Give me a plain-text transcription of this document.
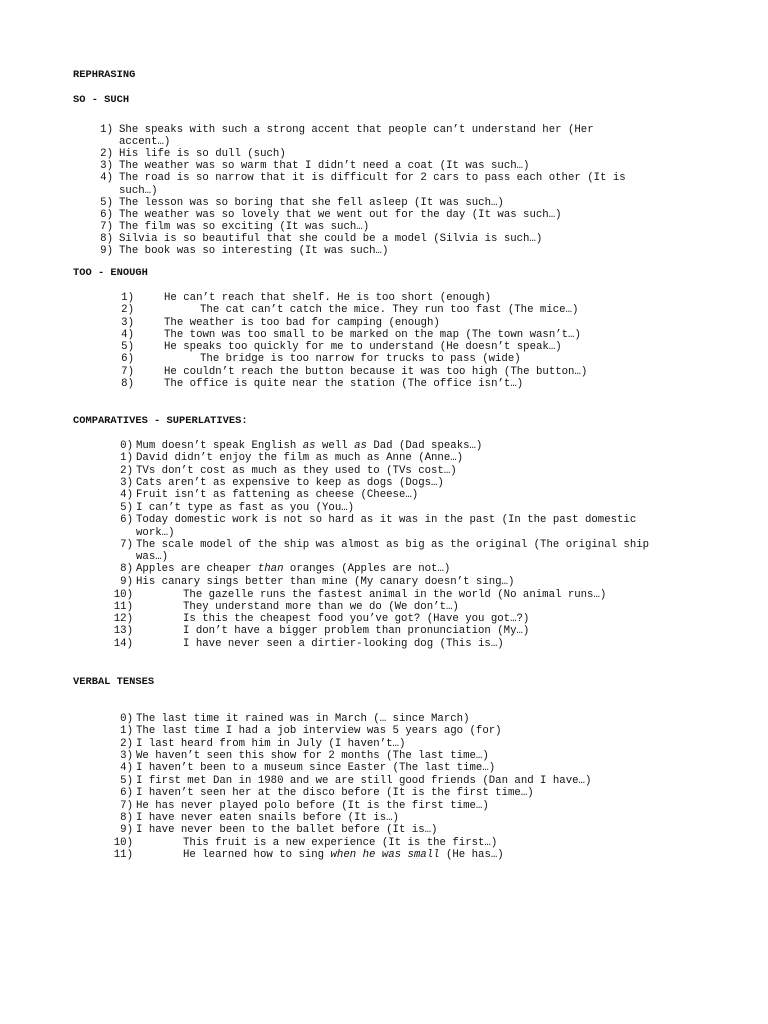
REPHRASING
SO - SUCH
1) She speaks with such a strong accent that people can’t understand her (Her
accent…)
2) His life is so dull (such)
3) The weather was so warm that I didn’t need a coat (It was such…)
4) The road is so narrow that it is difficult for 2 cars to pass each other (It is
such…)
5) The lesson was so boring that she fell asleep (It was such…)
6) The weather was so lovely that we went out for the day (It was such…)
7) The film was so exciting (It was such…)
8) Silvia is so beautiful that she could be a model (Silvia is such…)
9) The book was so interesting (It was such…)
TOO - ENOUGH
1)	He can’t reach that shelf. He is too short (enough)
2)	The cat can’t catch the mice. They run too fast (The mice…)
3)	The weather is too bad for camping (enough)
4)	The town was too small to be marked on the map (The town wasn’t…)
5)	He speaks too quickly for me to understand (He doesn’t speak…)
6)	The bridge is too narrow for trucks to pass (wide)
7)	He couldn’t reach the button because it was too high (The button…)
8)	The office is quite near the station (The office isn’t…)
COMPARATIVES - SUPERLATIVES:
0) Mum doesn’t speak English as well as Dad (Dad speaks…)
1) David didn’t enjoy the film as much as Anne (Anne…)
2) TVs don’t cost as much as they used to (TVs cost…)
3) Cats aren’t as expensive to keep as dogs (Dogs…)
4) Fruit isn’t as fattening as cheese (Cheese…)
5) I can’t type as fast as you (You…)
6) Today domestic work is not so hard as it was in the past (In the past domestic
work…)
7) The scale model of the ship was almost as big as the original (The original ship
was…)
8) Apples are cheaper than oranges (Apples are not…)
9) His canary sings better than mine (My canary doesn’t sing…)
10)	The gazelle runs the fastest animal in the world (No animal runs…)
11)	They understand more than we do (We don’t…)
12)	Is this the cheapest food you’ve got? (Have you got…?)
13)	I don’t have a bigger problem than pronunciation (My…)
14)	I have never seen a dirtier-looking dog (This is…)
VERBAL TENSES
0) The last time it rained was in March (… since March)
1) The last time I had a job interview was 5 years ago (for)
2) I last heard from him in July (I haven’t…)
3) We haven’t seen this show for 2 months (The last time…)
4) I haven’t been to a museum since Easter (The last time…)
5) I first met Dan in 1980 and we are still good friends (Dan and I have…)
6) I haven’t seen her at the disco before (It is the first time…)
7) He has never played polo before (It is the first time…)
8) I have never eaten snails before (It is…)
9) I have never been to the ballet before (It is…)
10)	This fruit is a new experience (It is the first…)
11)	He learned how to sing when he was small (He has…)
